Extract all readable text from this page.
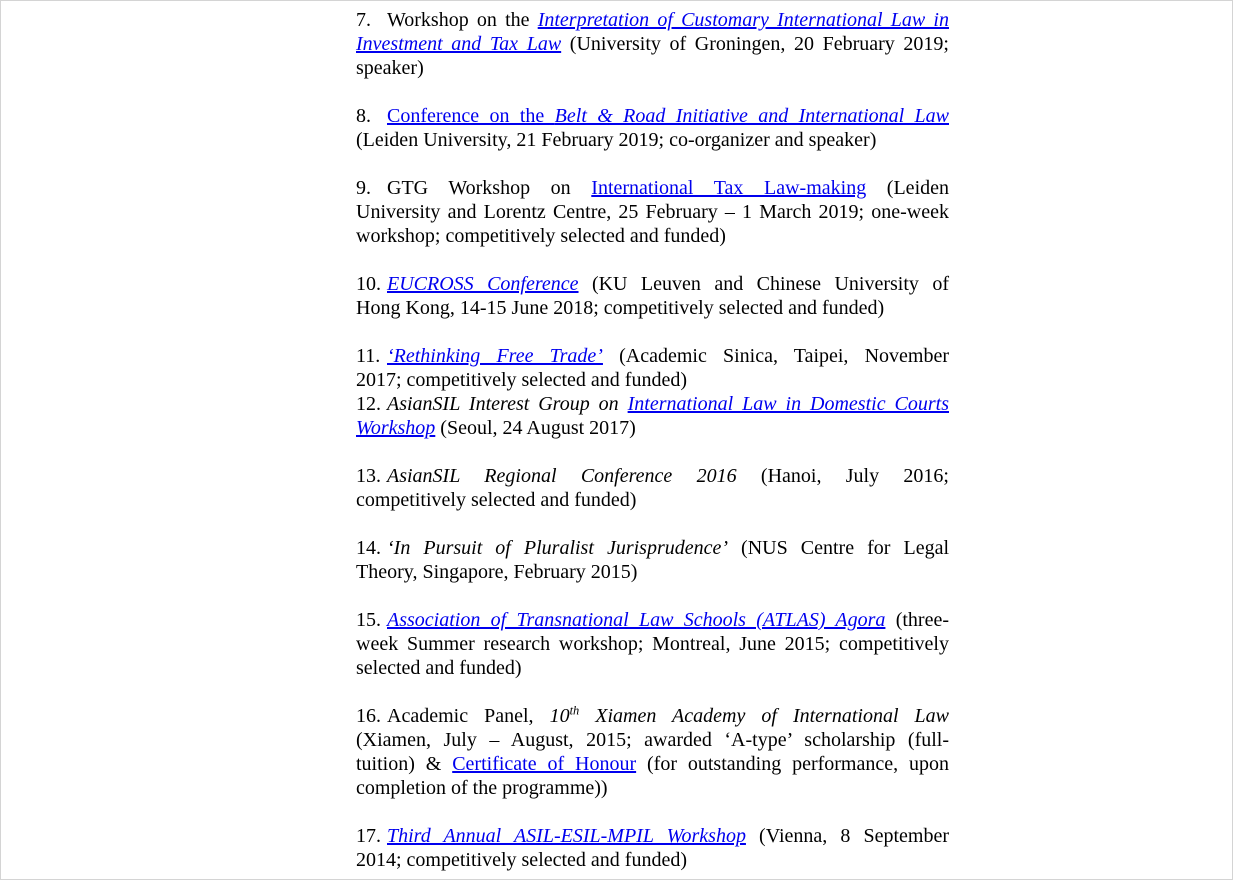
7. Workshop on the Interpretation of Customary International Law in
Investment and Tax Law (University of Groningen, 20 February 2019;
speaker)
8. Conference on the Belt & Road Initiative and International Law
(Leiden University, 21 February 2019; co-organizer and speaker)
9. GTG Workshop on International Tax Law-making (Leiden
University and Lorentz Centre, 25 February – 1 March 2019; one-week
workshop; competitively selected and funded)
10. EUCROSS Conference (KU Leuven and Chinese University of
Hong Kong, 14-15 June 2018; competitively selected and funded)
11. ‘Rethinking Free Trade’ (Academic Sinica, Taipei, November
2017; competitively selected and funded)
12. AsianSIL Interest Group on International Law in Domestic Courts
Workshop (Seoul, 24 August 2017)
13. AsianSIL Regional Conference 2016 (Hanoi, July 2016;
competitively selected and funded)
14. ‘In Pursuit of Pluralist Jurisprudence’ (NUS Centre for Legal
Theory, Singapore, February 2015)
15. Association of Transnational Law Schools (ATLAS) Agora (three-
week Summer research workshop; Montreal, June 2015; competitively
selected and funded)
16. Academic Panel, 10th Xiamen Academy of International Law
(Xiamen, July – August, 2015; awarded ‘A-type’ scholarship (full-
tuition) & Certificate of Honour (for outstanding performance, upon
completion of the programme))
17. Third Annual ASIL-ESIL-MPIL Workshop (Vienna, 8 September
2014; competitively selected and funded)
